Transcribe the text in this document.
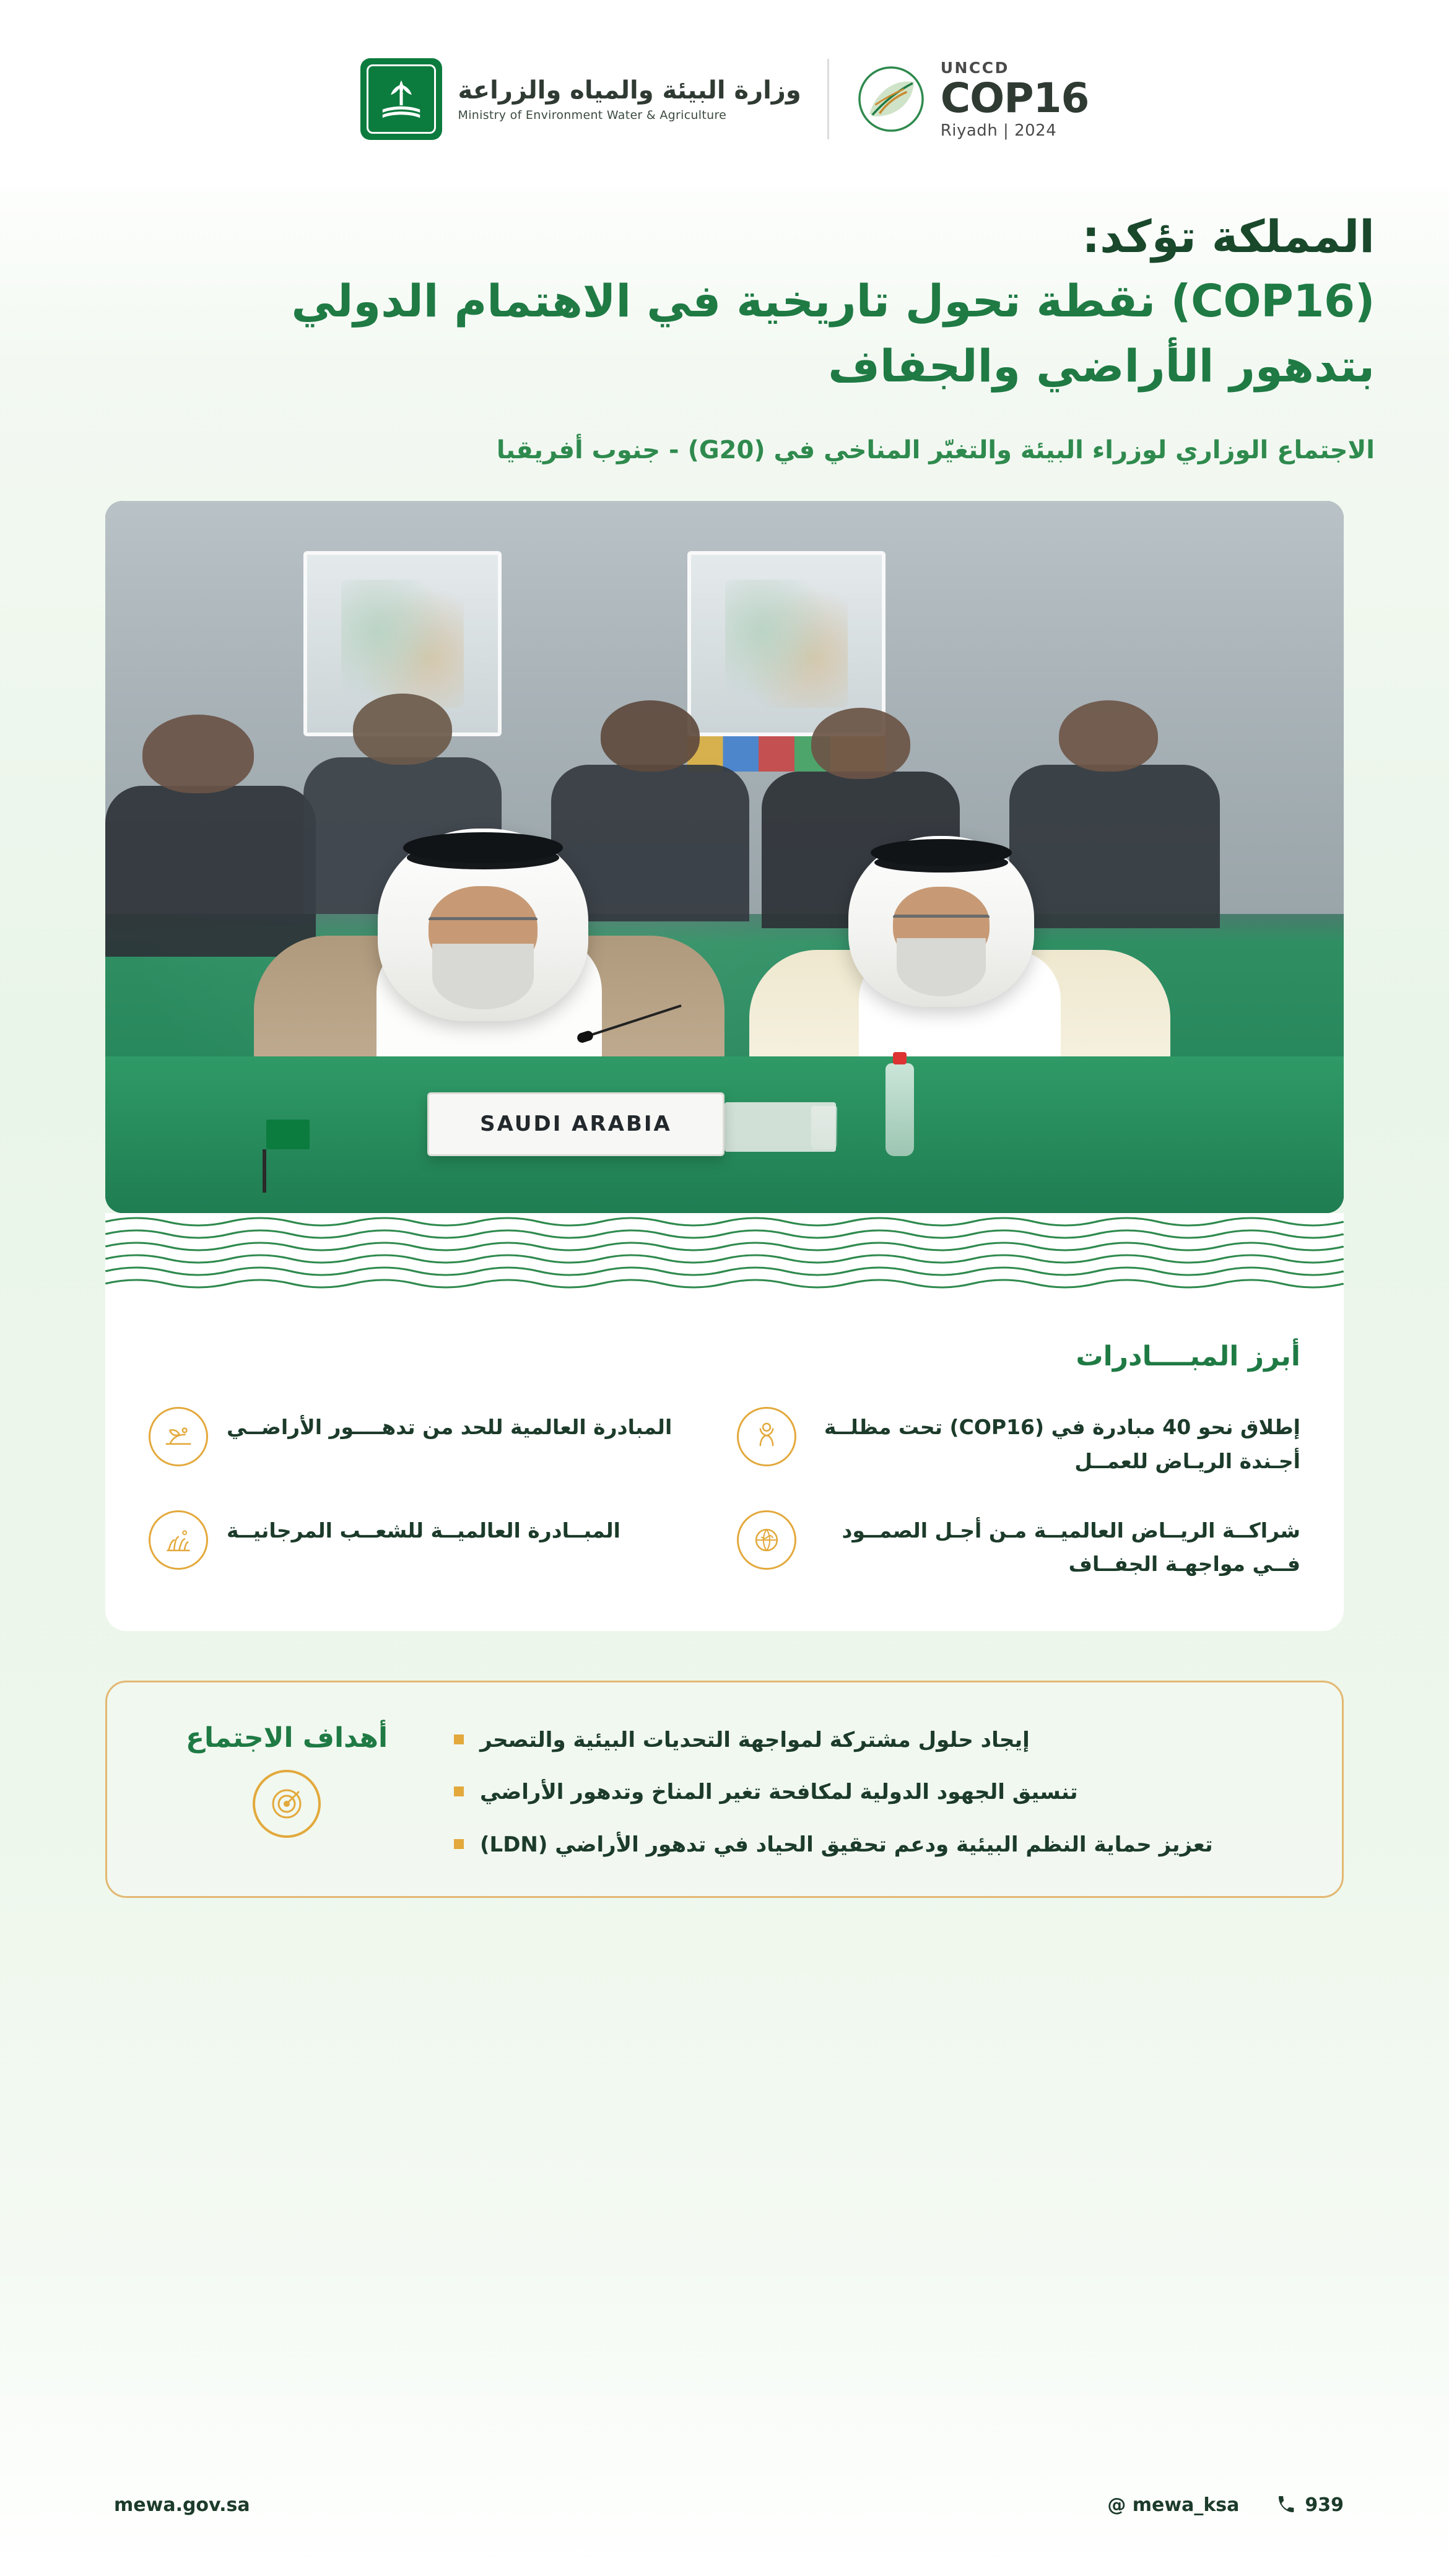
UNCCD
COP16
Riyadh | 2024
وزارة البيئة والمياه والزراعة
Ministry of Environment Water & Agriculture
المملكة تؤكد:
(COP16) نقطة تحول تاريخية في الاهتمام الدولي
بتدهور الأراضي والجفاف
الاجتماع الوزاري لوزراء البيئة والتغيّر المناخي في (G20) - جنوب أفريقيا
SAUDI ARABIA
أبرز المبــــادرات
إطلاق نحو 40 مبادرة في (COP16) تحت مظلــة أجـندة الريـاض للعمــل
المبادرة العالمية للحد من تدهــــور الأراضــي
شراكــة الريــاض العالميــة مـن أجـل الصمــود فــي مواجهـة الجفــاف
المبــادرة العالميــة للشعــب المرجانيــة
أهداف الاجتماع	إيجاد حلول مشتركة لمواجهة التحديات البيئية والتصحر
تنسيق الجهود الدولية لمكافحة تغير المناخ وتدهور الأراضي
تعزيز حماية النظم البيئية ودعم تحقيق الحياد في تدهور الأراضي (LDN)
@ mewa_ksa	939
mewa.gov.sa
